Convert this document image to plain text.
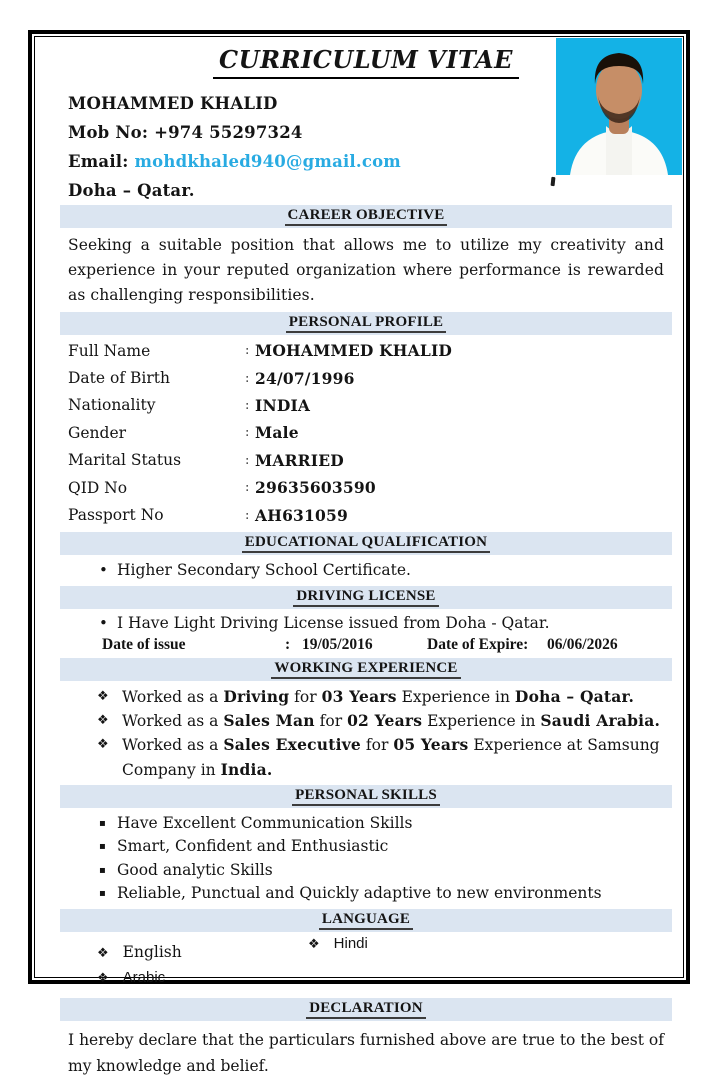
CURRICULUM VITAE
MOHAMMED KHALID
Mob No: +974 55297324
Email: mohdkhaled940@gmail.com
Doha – Qatar.
CAREER OBJECTIVE

Seeking a suitable position that allows me to utilize my creativity and experience in your reputed organization where performance is rewarded as challenging responsibilities.

PERSONAL PROFILE
Full Name	: MOHAMMED KHALID
Date of Birth	: 24/07/1996
Nationality	: INDIA
Gender	: Male
Marital Status	: MARRIED
QID No	: 29635603590
Passport No	: AH631059
EDUCATIONAL QUALIFICATION
• Higher Secondary School Certificate.
DRIVING LICENSE
• I Have Light Driving License issued from Doha - Qatar.
Date of issue	: 19/05/2016	Date of Expire: 06/06/2026
WORKING EXPERIENCE
❖ Worked as a Driving for 03 Years Experience in Doha – Qatar.
❖ Worked as a Sales Man for 02 Years Experience in Saudi Arabia.
❖ Worked as a Sales Executive for 05 Years Experience at Samsung Company in India.
PERSONAL SKILLS
▪ Have Excellent Communication Skills
▪ Smart, Confident and Enthusiastic
▪ Good analytic Skills
▪ Reliable, Punctual and Quickly adaptive to new environments
LANGUAGE
❖ Hindi
❖ English
❖ Arabic
DECLARATION

I hereby declare that the particulars furnished above are true to the best of my knowledge and belief.
